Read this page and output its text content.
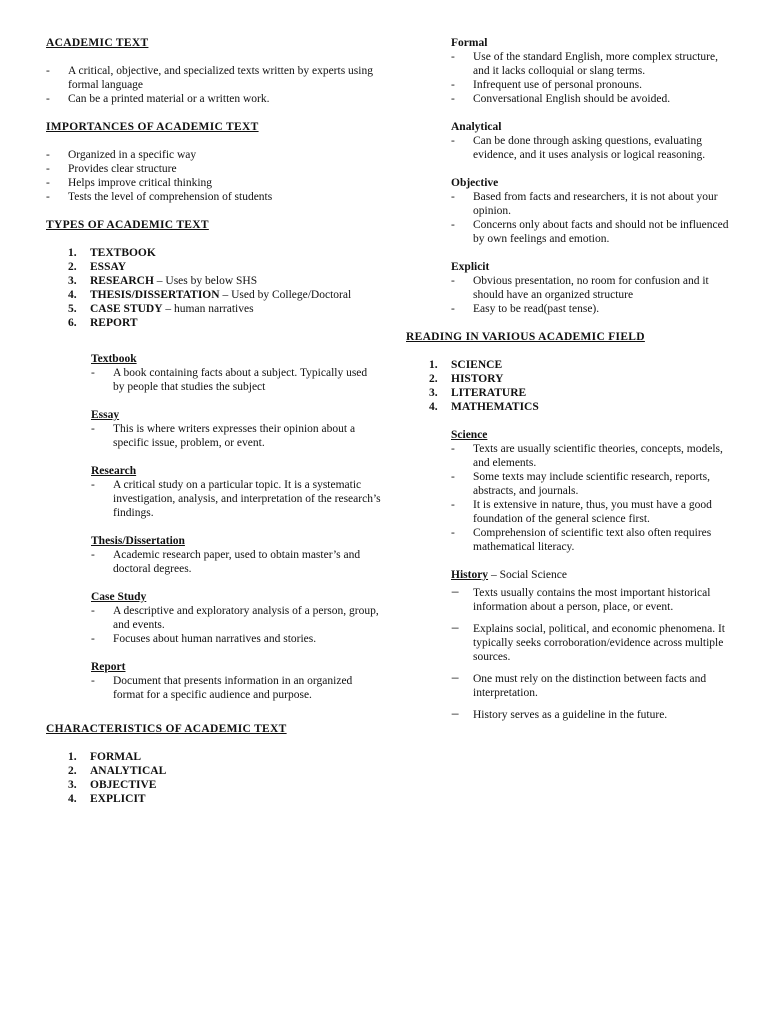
ACADEMIC TEXT

- A critical, objective, and specialized texts written by experts using formal language
- Can be a printed material or a written work.

IMPORTANCES OF ACADEMIC TEXT

- Organized in a specific way
- Provides clear structure
- Helps improve critical thinking
- Tests the level of comprehension of students

TYPES OF ACADEMIC TEXT

1. TEXTBOOK
2. ESSAY
3. RESEARCH – Uses by below SHS
4. THESIS/DISSERTATION – Used by College/Doctoral
5. CASE STUDY – human narratives
6. REPORT

Textbook

- A book containing facts about a subject. Typically used by people that studies the subject

Essay

- This is where writers expresses their opinion about a specific issue, problem, or event.

Research

- A critical study on a particular topic. It is a systematic investigation, analysis, and interpretation of the research’s findings.

Thesis/Dissertation

- Academic research paper, used to obtain master’s and doctoral degrees.

Case Study

- A descriptive and exploratory analysis of a person, group, and events.
- Focuses about human narratives and stories.

Report

- Document that presents information in an organized format for a specific audience and purpose.

CHARACTERISTICS OF ACADEMIC TEXT

1. FORMAL
2. ANALYTICAL
3. OBJECTIVE
4. EXPLICIT

Formal

- Use of the standard English, more complex structure, and it lacks colloquial or slang terms.
- Infrequent use of personal pronouns.
- Conversational English should be avoided.

Analytical

- Can be done through asking questions, evaluating evidence, and it uses analysis or logical reasoning.

Objective

- Based from facts and researchers, it is not about your opinion.
- Concerns only about facts and should not be influenced by own feelings and emotion.

Explicit

- Obvious presentation, no room for confusion and it should have an organized structure
- Easy to be read(past tense).

READING IN VARIOUS ACADEMIC FIELD

1. SCIENCE
2. HISTORY
3. LITERATURE
4. MATHEMATICS

Science

- Texts are usually scientific theories, concepts, models, and elements.
- Some texts may include scientific research, reports, abstracts, and journals.
- It is extensive in nature, thus, you must have a good foundation of the general science first.
- Comprehension of scientific text also often requires mathematical literacy.

History – Social Science

− Texts usually contains the most important historical information about a person, place, or event.
− Explains social, political, and economic phenomena. It typically seeks corroboration/evidence across multiple sources.
− One must rely on the distinction between facts and interpretation.
− History serves as a guideline in the future.
